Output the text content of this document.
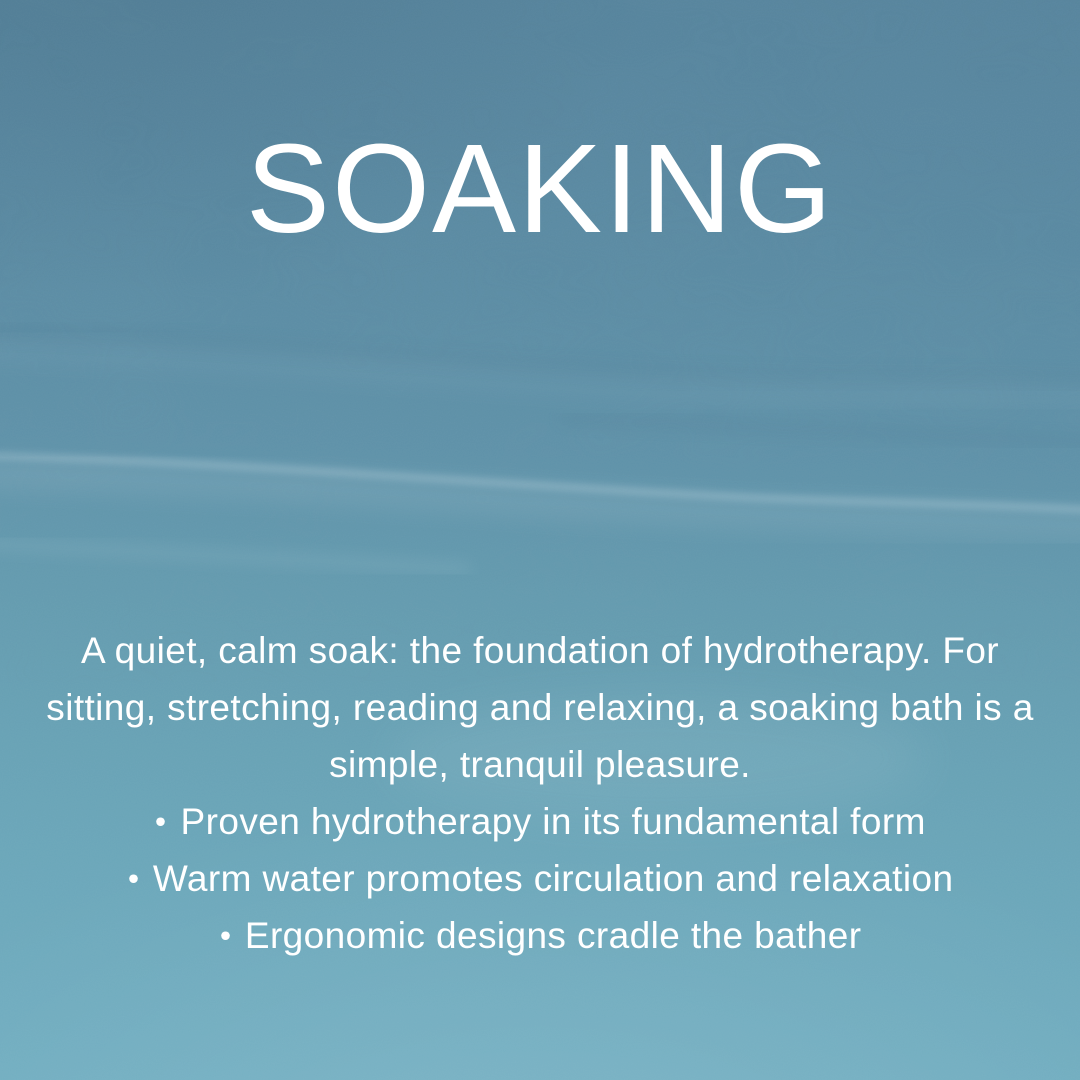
SOAKING

A quiet, calm soak: the foundation of hydrotherapy. For

sitting, stretching, reading and relaxing, a soaking bath is a

simple, tranquil pleasure.

• Proven hydrotherapy in its fundamental form

• Warm water promotes circulation and relaxation

• Ergonomic designs cradle the bather
